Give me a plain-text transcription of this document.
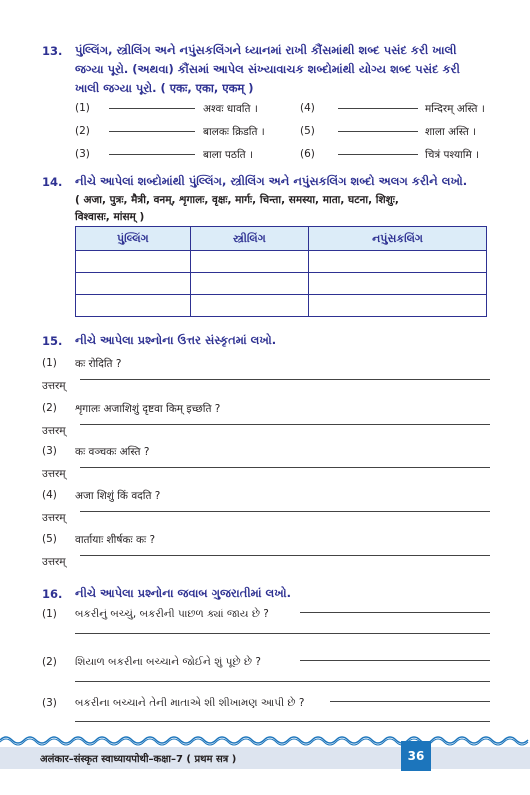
13. પુંલ્લિંગ, સ્ત્રીલિંગ અને નપુંસકલિંગને ધ્યાનમાં રાખી કૌંસમાંથી શબ્દ પસંદ કરી ખાલી
જગ્યા પૂરો. (અથવા) કૌંસમાં આપેલ સંખ્યાવાચક શબ્દોમાંથી યોગ્ય શબ્દ પસંદ કરી
ખાલી જગ્યા પૂરો. ( एकः, एका, एकम् )
(1)	अश्वः धावति ।	(4)	मन्दिरम् अस्ति ।
(2)	बालकः क्रिडति ।	(5)	शाला अस्ति ।
(3)	बाला पठति ।	(6)	चित्रं पश्यामि ।
14. નીચે આપેલાં શબ્દોમાંથી પુંલ્લિંગ, સ્ત્રીલિંગ અને નપુંસકલિંગ શબ્દો અલગ કરીને લખો.
( अजा, पुत्रः, मैत्री, वनम्, शृगालः, वृक्षः, मार्गः, चिन्ता, समस्या, माता, घटना, शिशुः,
विश्वासः, मांसम् )
પુંલ્લિંગ	સ્ત્રીલિંગ	નપુંસકલિંગ

15. નીચે આપેલા પ્રશ્નોના ઉત્તર સંસ્કૃતમાં લખો.
(1) कः रोदिति ?
उत्तरम्
(2) शृगालः अजाशिशुं दृष्टवा किम् इच्छति ?
उत्तरम्
(3) कः वञ्चकः अस्ति ?
उत्तरम्
(4) अजा शिशुं किं वदति ?
उत्तरम्
(5) वार्तायाः शीर्षकः कः ?
उत्तरम्
16. નીચે આપેલા પ્રશ્નોના જવાબ ગુજરાતીમાં લખો.
(1) બકરીનું બચ્ચું, બકરીની પાછળ ક્યાં જાય છે ?
(2) શિયાળ બકરીના બચ્ચાને જોઈને શું પૂછે છે ?
(3) બકરીના બચ્ચાને તેની માતાએ શી શીખામણ આપી છે ?
अलंकार–संस्कृत स्वाध्यायपोथी–कक्षा–7 ( प्रथम सत्र )	36
